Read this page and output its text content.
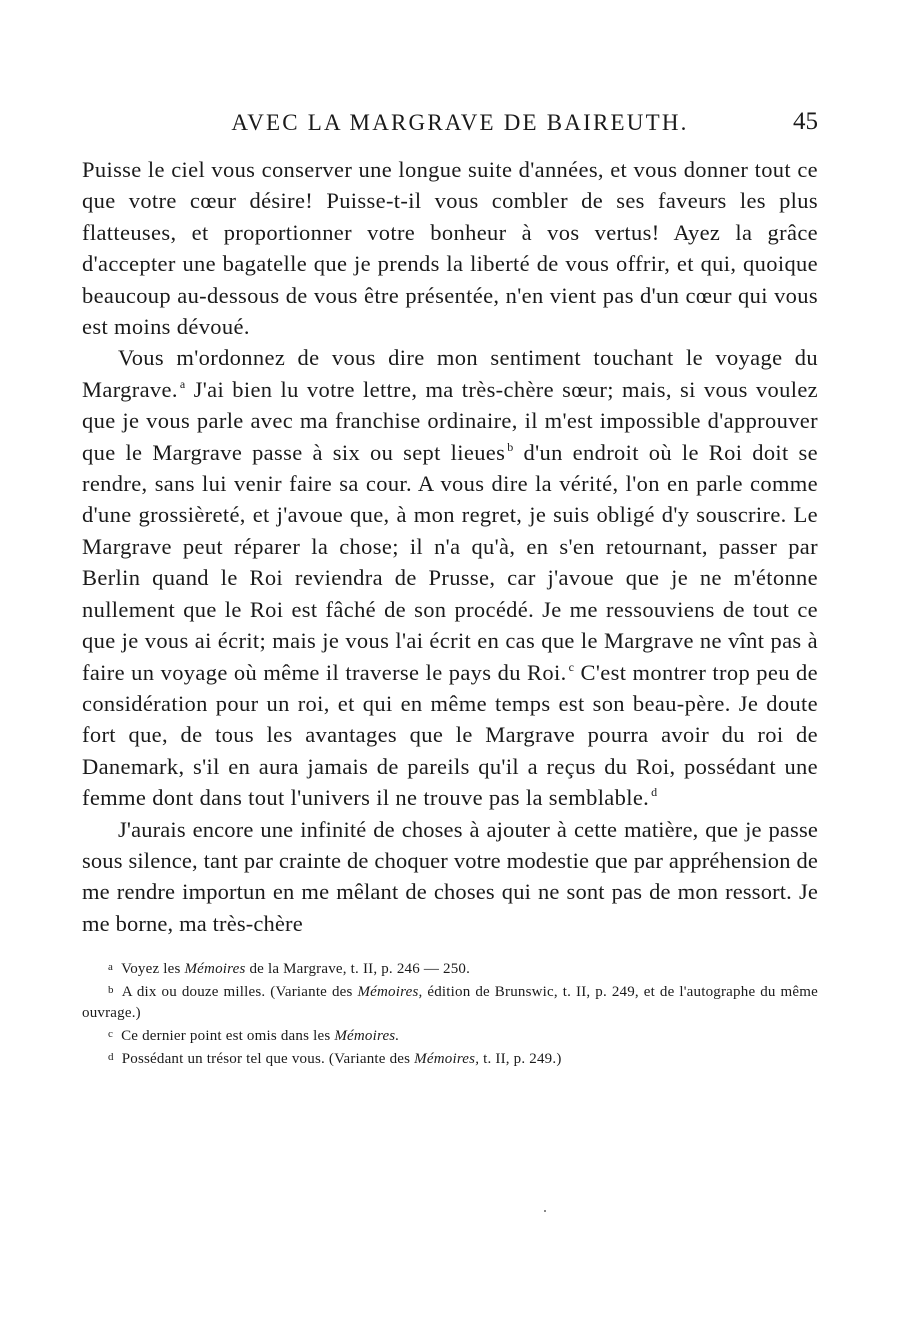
AVEC LA MARGRAVE DE BAIREUTH.	45

Puisse le ciel vous conserver une longue suite d'années, et vous donner tout ce que votre cœur désire! Puisse-t-il vous combler de ses faveurs les plus flatteuses, et proportionner votre bonheur à vos vertus! Ayez la grâce d'accepter une bagatelle que je prends la liberté de vous offrir, et qui, quoique beaucoup au-dessous de vous être présentée, n'en vient pas d'un cœur qui vous est moins dévoué.

Vous m'ordonnez de vous dire mon sentiment touchant le voyage du Margrave. $^a$ J'ai bien lu votre lettre, ma très-chère sœur; mais, si vous voulez que je vous parle avec ma franchise ordinaire, il m'est impossible d'approuver que le Margrave passe à six ou sept lieues $^b$ d'un endroit où le Roi doit se rendre, sans lui venir faire sa cour. A vous dire la vérité, l'on en parle comme d'une grossièreté, et j'avoue que, à mon regret, je suis obligé d'y souscrire. Le Margrave peut réparer la chose; il n'a qu'à, en s'en retournant, passer par Berlin quand le Roi reviendra de Prusse, car j'avoue que je ne m'étonne nullement que le Roi est fâché de son procédé. Je me ressouviens de tout ce que je vous ai écrit; mais je vous l'ai écrit en cas que le Margrave ne vînt pas à faire un voyage où même il traverse le pays du Roi. $^c$ C'est montrer trop peu de considération pour un roi, et qui en même temps est son beau-père. Je doute fort que, de tous les avantages que le Margrave pourra avoir du roi de Danemark, s'il en aura jamais de pareils qu'il a reçus du Roi, possédant une femme dont dans tout l'univers il ne trouve pas la semblable. $^d$

J'aurais encore une infinité de choses à ajouter à cette matière, que je passe sous silence, tant par crainte de choquer votre modestie que par appréhension de me rendre importun en me mêlant de choses qui ne sont pas de mon ressort. Je me borne, ma très-chère

$^a$ Voyez les Mémoires de la Margrave, t. II, p. 246 — 250.

$^b$ A dix ou douze milles. (Variante des Mémoires, édition de Brunswic, t. II, p. 249, et de l'autographe du même ouvrage.)

$^c$ Ce dernier point est omis dans les Mémoires.

$^d$ Possédant un trésor tel que vous. (Variante des Mémoires, t. II, p. 249.)
